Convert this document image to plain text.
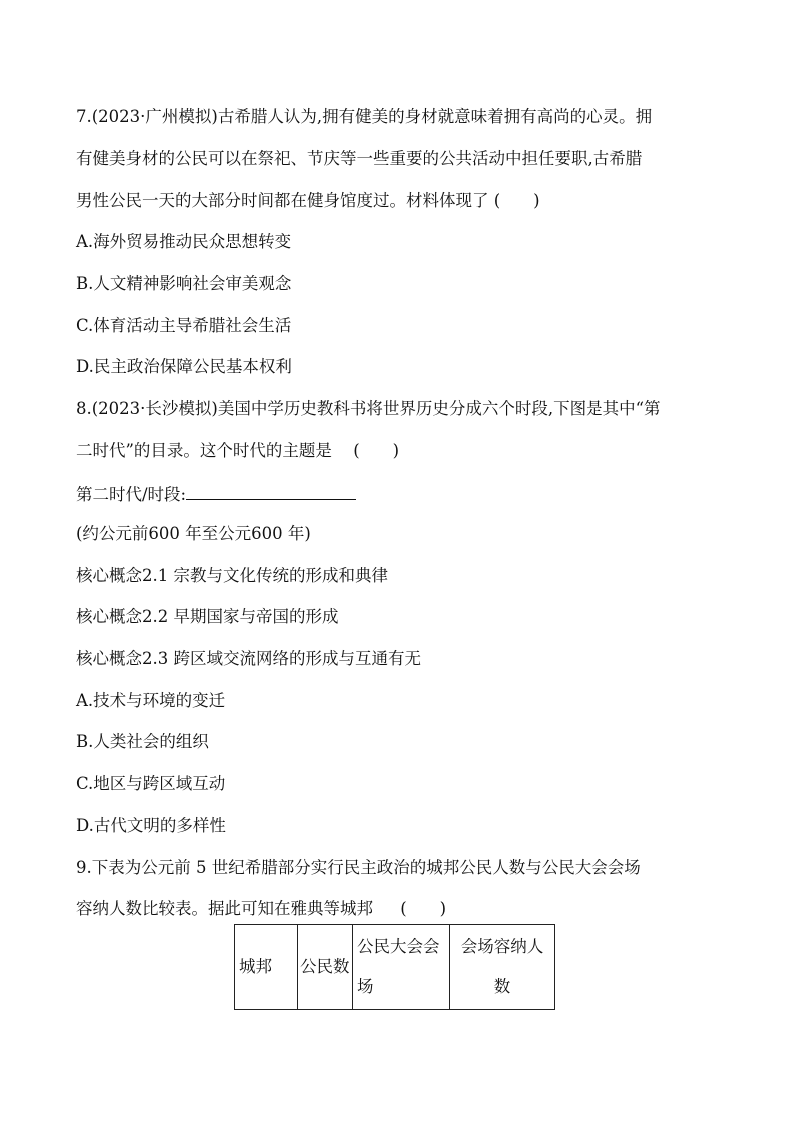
7.(2023·广州模拟)古希腊人认为,拥有健美的身材就意味着拥有高尚的心灵。拥
有健美身材的公民可以在祭祀、节庆等一些重要的公共活动中担任要职,古希腊
男性公民一天的大部分时间都在健身馆度过。材料体现了 (　　)
A.海外贸易推动民众思想转变
B.人文精神影响社会审美观念
C.体育活动主导希腊社会生活
D.民主政治保障公民基本权利
8.(2023·长沙模拟)美国中学历史教科书将世界历史分成六个时段,下图是其中“第
二时代”的目录。这个时代的主题是 (　　)
第二时代/时段:
(约公元前600 年至公元600 年)
核心概念2.1 宗教与文化传统的形成和典律
核心概念2.2 早期国家与帝国的形成
核心概念2.3 跨区域交流网络的形成与互通有无
A.技术与环境的变迁
B.人类社会的组织
C.地区与跨区域互动
D.古代文明的多样性
9.下表为公元前 5 世纪希腊部分实行民主政治的城邦公民人数与公民大会会场
容纳人数比较表。据此可知在雅典等城邦 (　　)
城邦	公民数	公民大会会场	会场容纳人数
